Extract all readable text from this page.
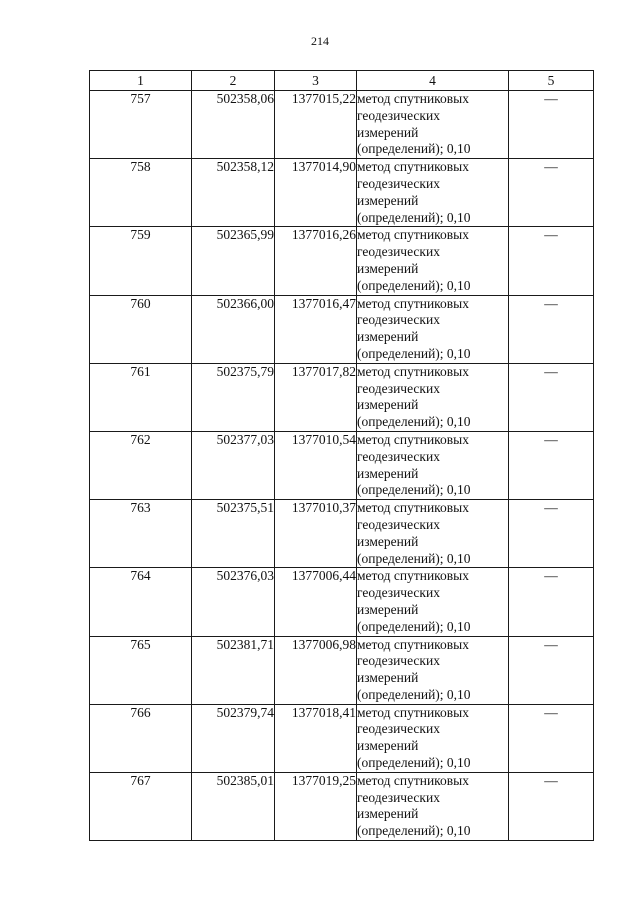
214
1	2	3	4	5
757	502358,06	1377015,22	метод спутниковых
геодезических
измерений
(определений); 0,10	—
758	502358,12	1377014,90	метод спутниковых
геодезических
измерений
(определений); 0,10	—
759	502365,99	1377016,26	метод спутниковых
геодезических
измерений
(определений); 0,10	—
760	502366,00	1377016,47	метод спутниковых
геодезических
измерений
(определений); 0,10	—
761	502375,79	1377017,82	метод спутниковых
геодезических
измерений
(определений); 0,10	—
762	502377,03	1377010,54	метод спутниковых
геодезических
измерений
(определений); 0,10	—
763	502375,51	1377010,37	метод спутниковых
геодезических
измерений
(определений); 0,10	—
764	502376,03	1377006,44	метод спутниковых
геодезических
измерений
(определений); 0,10	—
765	502381,71	1377006,98	метод спутниковых
геодезических
измерений
(определений); 0,10	—
766	502379,74	1377018,41	метод спутниковых
геодезических
измерений
(определений); 0,10	—
767	502385,01	1377019,25	метод спутниковых
геодезических
измерений
(определений); 0,10	—
